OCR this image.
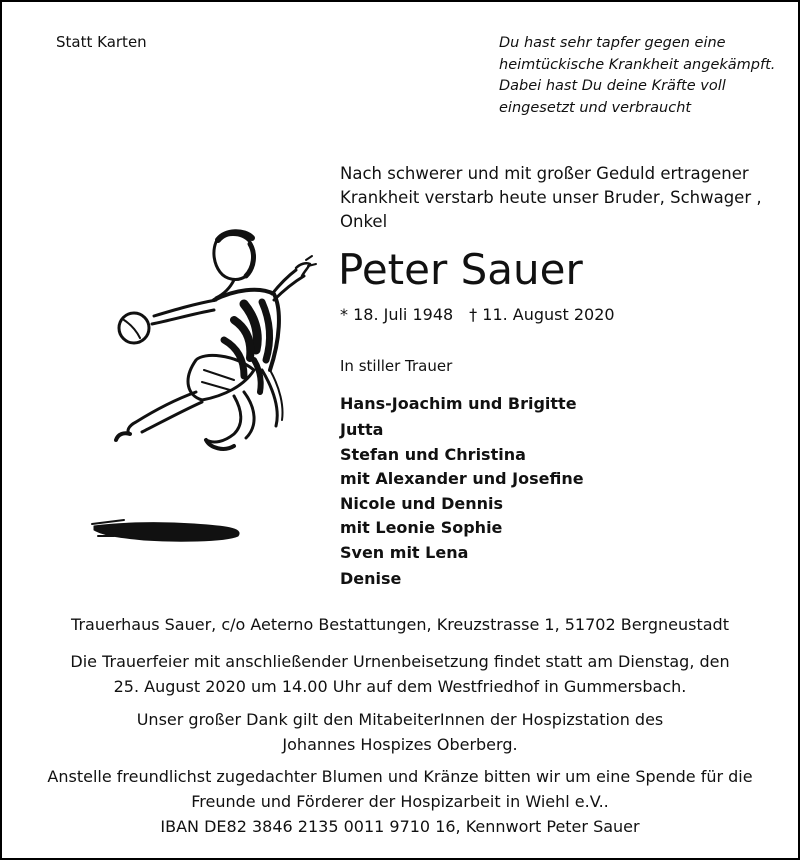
Statt Karten	Du hast sehr tapfer gegen eine
heimtückische Krankheit angekämpft.
Dabei hast Du deine Kräfte voll
eingesetzt und verbraucht
Nach schwerer und mit großer Geduld ertragener
Krankheit verstarb heute unser Bruder, Schwager ,
Onkel
Peter Sauer
* 18. Juli 1948 † 11. August 2020
In stiller Trauer
Hans-Joachim und Brigitte
Jutta
Stefan und Christina
mit Alexander und Josefine
Nicole und Dennis
mit Leonie Sophie
Sven mit Lena
Denise
Trauerhaus Sauer, c/o Aeterno Bestattungen, Kreuzstrasse 1, 51702 Bergneustadt
Die Trauerfeier mit anschließender Urnenbeisetzung findet statt am Dienstag, den
25. August 2020 um 14.00 Uhr auf dem Westfriedhof in Gummersbach.
Unser großer Dank gilt den MitabeiterInnen der Hospizstation des
Johannes Hospizes Oberberg.
Anstelle freundlichst zugedachter Blumen und Kränze bitten wir um eine Spende für die
Freunde und Förderer der Hospizarbeit in Wiehl e.V..
IBAN DE82 3846 2135 0011 9710 16, Kennwort Peter Sauer
